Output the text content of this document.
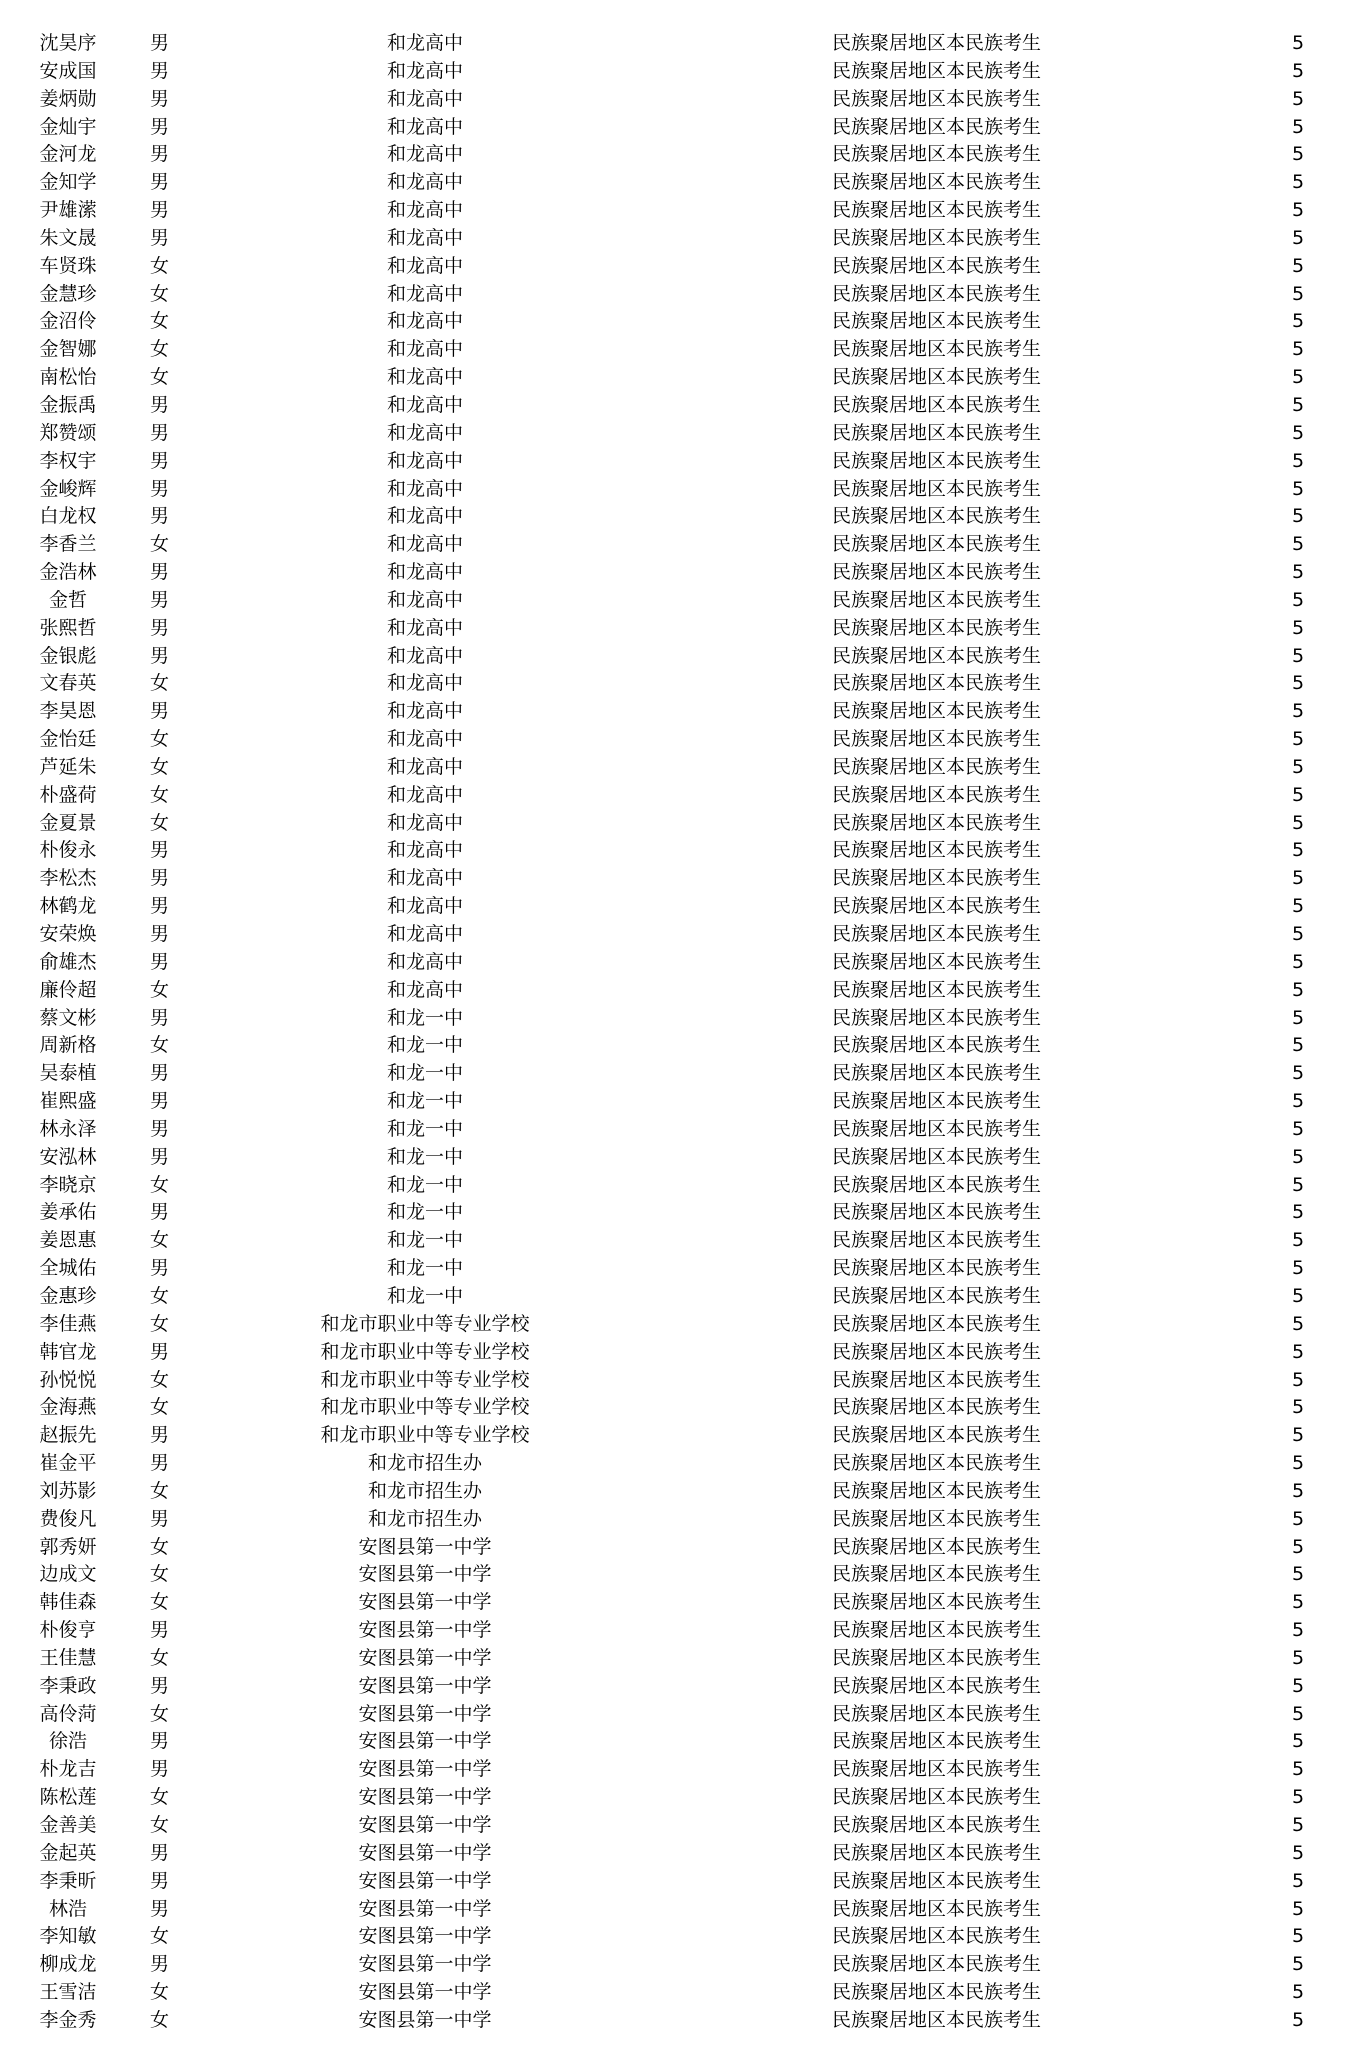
沈昊序	男	和龙高中	民族聚居地区本民族考生	5
安成国	男	和龙高中	民族聚居地区本民族考生	5
姜炳勋	男	和龙高中	民族聚居地区本民族考生	5
金灿宇	男	和龙高中	民族聚居地区本民族考生	5
金河龙	男	和龙高中	民族聚居地区本民族考生	5
金知学	男	和龙高中	民族聚居地区本民族考生	5
尹雄潆	男	和龙高中	民族聚居地区本民族考生	5
朱文晟	男	和龙高中	民族聚居地区本民族考生	5
车贤珠	女	和龙高中	民族聚居地区本民族考生	5
金慧珍	女	和龙高中	民族聚居地区本民族考生	5
金沼伶	女	和龙高中	民族聚居地区本民族考生	5
金智娜	女	和龙高中	民族聚居地区本民族考生	5
南松怡	女	和龙高中	民族聚居地区本民族考生	5
金振禹	男	和龙高中	民族聚居地区本民族考生	5
郑赞颂	男	和龙高中	民族聚居地区本民族考生	5
李权宇	男	和龙高中	民族聚居地区本民族考生	5
金峻辉	男	和龙高中	民族聚居地区本民族考生	5
白龙权	男	和龙高中	民族聚居地区本民族考生	5
李香兰	女	和龙高中	民族聚居地区本民族考生	5
金浩林	男	和龙高中	民族聚居地区本民族考生	5
金哲	男	和龙高中	民族聚居地区本民族考生	5
张熙哲	男	和龙高中	民族聚居地区本民族考生	5
金银彪	男	和龙高中	民族聚居地区本民族考生	5
文春英	女	和龙高中	民族聚居地区本民族考生	5
李昊恩	男	和龙高中	民族聚居地区本民族考生	5
金怡廷	女	和龙高中	民族聚居地区本民族考生	5
芦延朱	女	和龙高中	民族聚居地区本民族考生	5
朴盛荷	女	和龙高中	民族聚居地区本民族考生	5
金夏景	女	和龙高中	民族聚居地区本民族考生	5
朴俊永	男	和龙高中	民族聚居地区本民族考生	5
李松杰	男	和龙高中	民族聚居地区本民族考生	5
林鹤龙	男	和龙高中	民族聚居地区本民族考生	5
安荣焕	男	和龙高中	民族聚居地区本民族考生	5
俞雄杰	男	和龙高中	民族聚居地区本民族考生	5
廉伶超	女	和龙高中	民族聚居地区本民族考生	5
蔡文彬	男	和龙一中	民族聚居地区本民族考生	5
周新格	女	和龙一中	民族聚居地区本民族考生	5
吴泰植	男	和龙一中	民族聚居地区本民族考生	5
崔熙盛	男	和龙一中	民族聚居地区本民族考生	5
林永泽	男	和龙一中	民族聚居地区本民族考生	5
安泓林	男	和龙一中	民族聚居地区本民族考生	5
李晓京	女	和龙一中	民族聚居地区本民族考生	5
姜承佑	男	和龙一中	民族聚居地区本民族考生	5
姜恩惠	女	和龙一中	民族聚居地区本民族考生	5
全城佑	男	和龙一中	民族聚居地区本民族考生	5
金惠珍	女	和龙一中	民族聚居地区本民族考生	5
李佳燕	女	和龙市职业中等专业学校	民族聚居地区本民族考生	5
韩官龙	男	和龙市职业中等专业学校	民族聚居地区本民族考生	5
孙悦悦	女	和龙市职业中等专业学校	民族聚居地区本民族考生	5
金海燕	女	和龙市职业中等专业学校	民族聚居地区本民族考生	5
赵振先	男	和龙市职业中等专业学校	民族聚居地区本民族考生	5
崔金平	男	和龙市招生办	民族聚居地区本民族考生	5
刘苏影	女	和龙市招生办	民族聚居地区本民族考生	5
费俊凡	男	和龙市招生办	民族聚居地区本民族考生	5
郭秀妍	女	安图县第一中学	民族聚居地区本民族考生	5
边成文	女	安图县第一中学	民族聚居地区本民族考生	5
韩佳森	女	安图县第一中学	民族聚居地区本民族考生	5
朴俊亨	男	安图县第一中学	民族聚居地区本民族考生	5
王佳慧	女	安图县第一中学	民族聚居地区本民族考生	5
李秉政	男	安图县第一中学	民族聚居地区本民族考生	5
高伶菏	女	安图县第一中学	民族聚居地区本民族考生	5
徐浩	男	安图县第一中学	民族聚居地区本民族考生	5
朴龙吉	男	安图县第一中学	民族聚居地区本民族考生	5
陈松莲	女	安图县第一中学	民族聚居地区本民族考生	5
金善美	女	安图县第一中学	民族聚居地区本民族考生	5
金起英	男	安图县第一中学	民族聚居地区本民族考生	5
李秉昕	男	安图县第一中学	民族聚居地区本民族考生	5
林浩	男	安图县第一中学	民族聚居地区本民族考生	5
李知敏	女	安图县第一中学	民族聚居地区本民族考生	5
柳成龙	男	安图县第一中学	民族聚居地区本民族考生	5
王雪洁	女	安图县第一中学	民族聚居地区本民族考生	5
李金秀	女	安图县第一中学	民族聚居地区本民族考生	5
